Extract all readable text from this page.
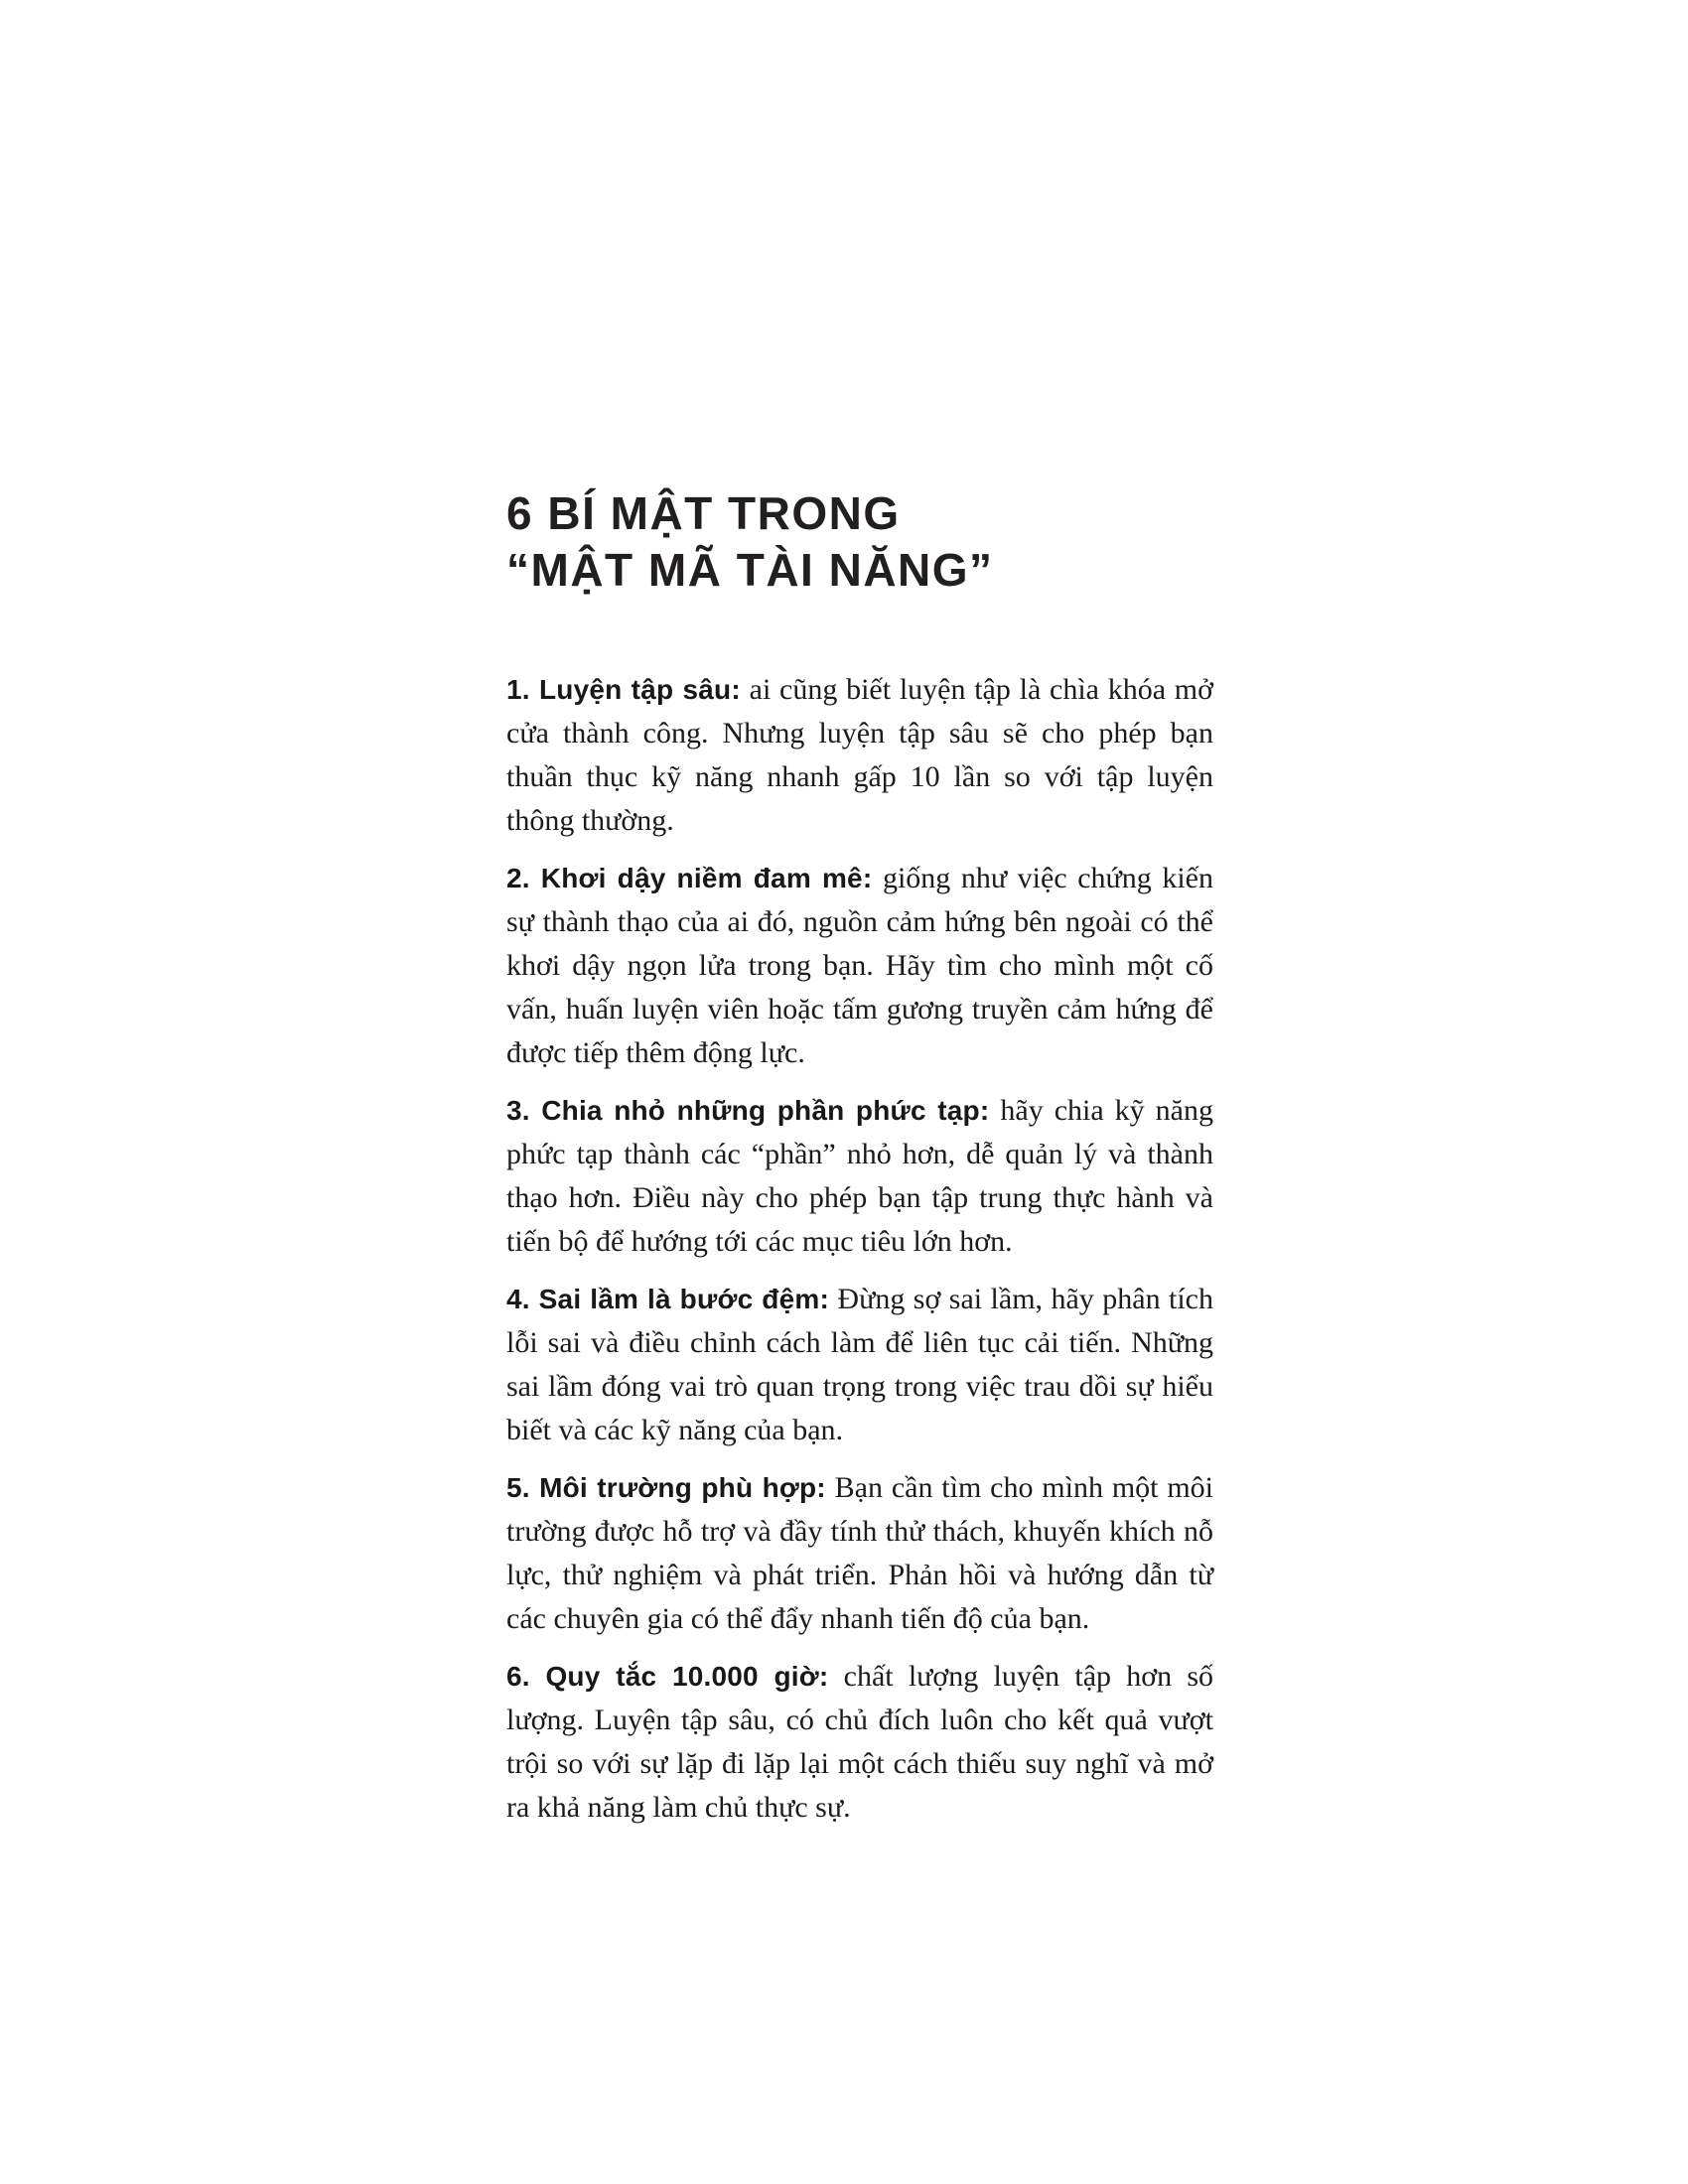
6 BÍ MẬT TRONG
“MẬT MÃ TÀI NĂNG”

1. Luyện tập sâu: ai cũng biết luyện tập là chìa khóa mở cửa thành công. Nhưng luyện tập sâu sẽ cho phép bạn thuần thục kỹ năng nhanh gấp 10 lần so với tập luyện thông thường.

2. Khơi dậy niềm đam mê: giống như việc chứng kiến sự thành thạo của ai đó, nguồn cảm hứng bên ngoài có thể khơi dậy ngọn lửa trong bạn. Hãy tìm cho mình một cố vấn, huấn luyện viên hoặc tấm gương truyền cảm hứng để được tiếp thêm động lực.

3. Chia nhỏ những phần phức tạp: hãy chia kỹ năng phức tạp thành các “phần” nhỏ hơn, dễ quản lý và thành thạo hơn. Điều này cho phép bạn tập trung thực hành và tiến bộ để hướng tới các mục tiêu lớn hơn.

4. Sai lầm là bước đệm: Đừng sợ sai lầm, hãy phân tích lỗi sai và điều chỉnh cách làm để liên tục cải tiến. Những sai lầm đóng vai trò quan trọng trong việc trau dồi sự hiểu biết và các kỹ năng của bạn.

5. Môi trường phù hợp: Bạn cần tìm cho mình một môi trường được hỗ trợ và đầy tính thử thách, khuyến khích nỗ lực, thử nghiệm và phát triển. Phản hồi và hướng dẫn từ các chuyên gia có thể đẩy nhanh tiến độ của bạn.

6. Quy tắc 10.000 giờ: chất lượng luyện tập hơn số lượng. Luyện tập sâu, có chủ đích luôn cho kết quả vượt trội so với sự lặp đi lặp lại một cách thiếu suy nghĩ và mở ra khả năng làm chủ thực sự.
